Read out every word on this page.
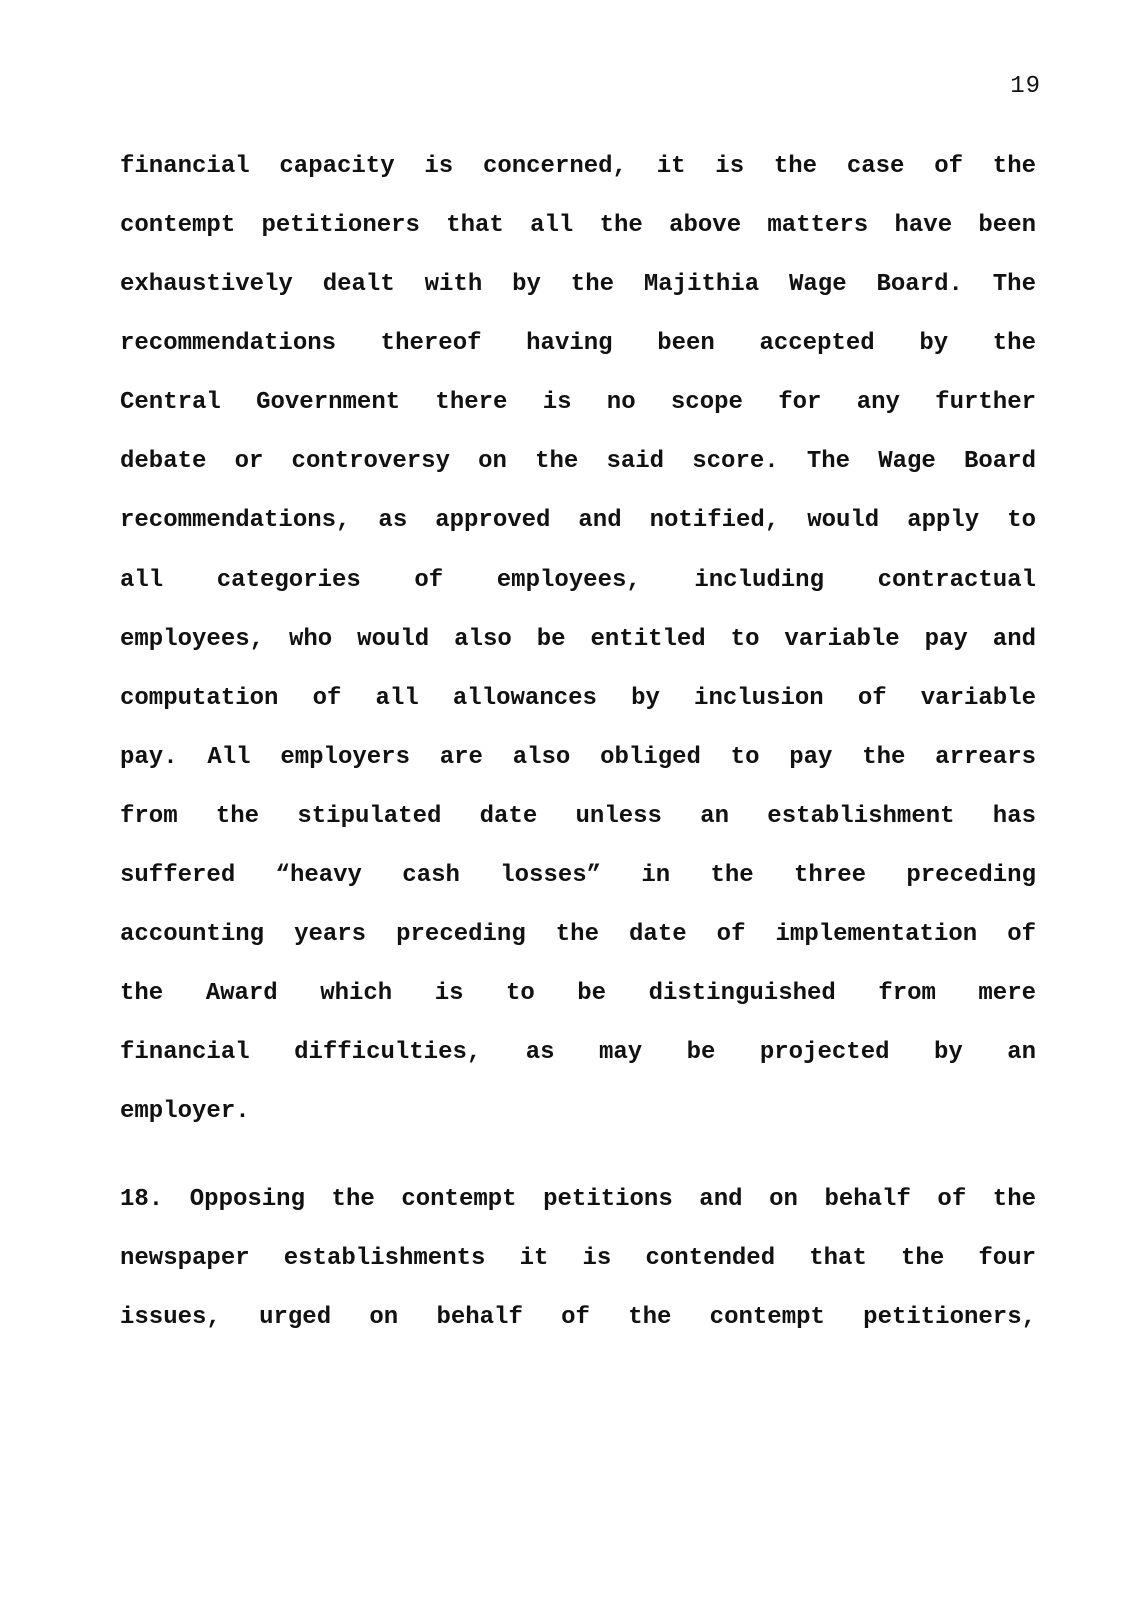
19
financial capacity is concerned, it is the case of the
contempt petitioners that all the above matters have been
exhaustively dealt with by the Majithia Wage Board. The
recommendations thereof having been accepted by the
Central Government there is no scope for any further
debate or controversy on the said score. The Wage Board
recommendations, as approved and notified, would apply to
all categories of employees, including contractual
employees, who would also be entitled to variable pay and
computation of all allowances by inclusion of variable
pay. All employers are also obliged to pay the arrears
from the stipulated date unless an establishment has
suffered “heavy cash losses” in the three preceding
accounting years preceding the date of implementation of
the Award which is to be distinguished from mere
financial difficulties, as may be projected by an
employer.
18. Opposing the contempt petitions and on behalf of the
newspaper establishments it is contended that the four
issues, urged on behalf of the contempt petitioners,
